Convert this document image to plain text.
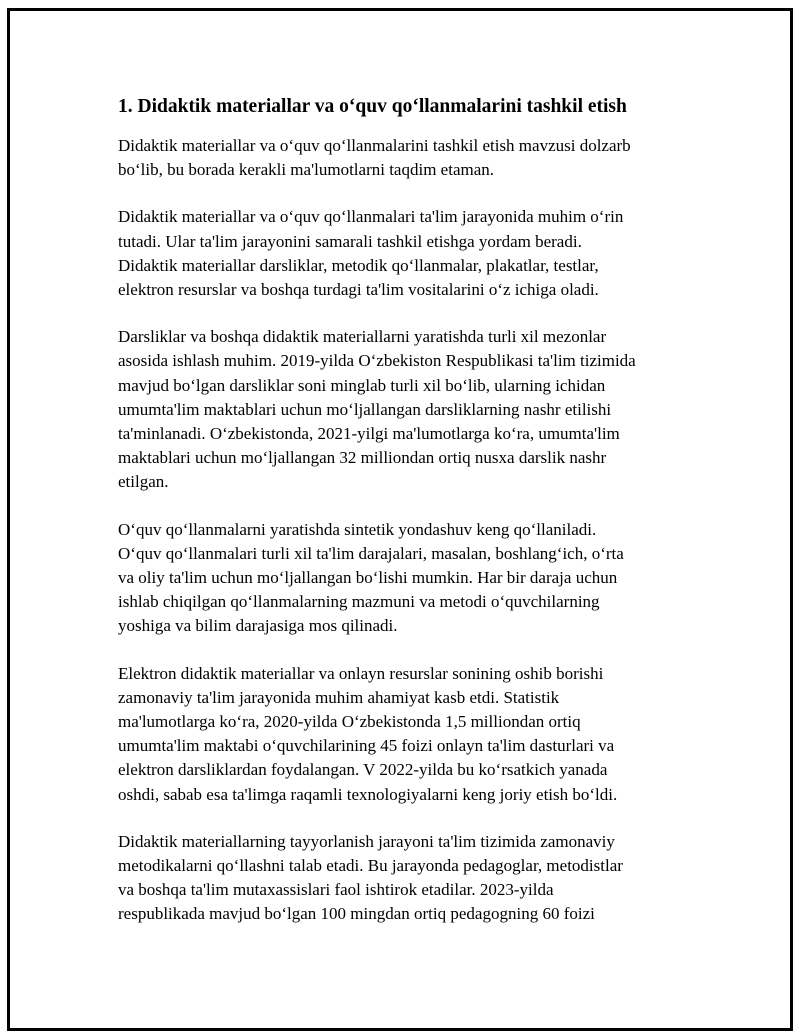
1. Didaktik materiallar va o‘quv qo‘llanmalarini tashkil etish

Didaktik materiallar va o‘quv qo‘llanmalarini tashkil etish mavzusi dolzarb
bo‘lib, bu borada kerakli ma'lumotlarni taqdim etaman.

Didaktik materiallar va o‘quv qo‘llanmalari ta'lim jarayonida muhim o‘rin
tutadi. Ular ta'lim jarayonini samarali tashkil etishga yordam beradi.
Didaktik materiallar darsliklar, metodik qo‘llanmalar, plakatlar, testlar,
elektron resurslar va boshqa turdagi ta'lim vositalarini o‘z ichiga oladi.

Darsliklar va boshqa didaktik materiallarni yaratishda turli xil mezonlar
asosida ishlash muhim. 2019-yilda O‘zbekiston Respublikasi ta'lim tizimida
mavjud bo‘lgan darsliklar soni minglab turli xil bo‘lib, ularning ichidan
umumta'lim maktablari uchun mo‘ljallangan darsliklarning nashr etilishi
ta'minlanadi. O‘zbekistonda, 2021-yilgi ma'lumotlarga ko‘ra, umumta'lim
maktablari uchun mo‘ljallangan 32 milliondan ortiq nusxa darslik nashr
etilgan.

O‘quv qo‘llanmalarni yaratishda sintetik yondashuv keng qo‘llaniladi.
O‘quv qo‘llanmalari turli xil ta'lim darajalari, masalan, boshlang‘ich, o‘rta
va oliy ta'lim uchun mo‘ljallangan bo‘lishi mumkin. Har bir daraja uchun
ishlab chiqilgan qo‘llanmalarning mazmuni va metodi o‘quvchilarning
yoshiga va bilim darajasiga mos qilinadi.

Elektron didaktik materiallar va onlayn resurslar sonining oshib borishi
zamonaviy ta'lim jarayonida muhim ahamiyat kasb etdi. Statistik
ma'lumotlarga ko‘ra, 2020-yilda O‘zbekistonda 1,5 milliondan ortiq
umumta'lim maktabi o‘quvchilarining 45 foizi onlayn ta'lim dasturlari va
elektron darsliklardan foydalangan. V 2022-yilda bu ko‘rsatkich yanada
oshdi, sabab esa ta'limga raqamli texnologiyalarni keng joriy etish bo‘ldi.

Didaktik materiallarning tayyorlanish jarayoni ta'lim tizimida zamonaviy
metodikalarni qo‘llashni talab etadi. Bu jarayonda pedagoglar, metodistlar
va boshqa ta'lim mutaxassislari faol ishtirok etadilar. 2023-yilda
respublikada mavjud bo‘lgan 100 mingdan ortiq pedagogning 60 foizi
